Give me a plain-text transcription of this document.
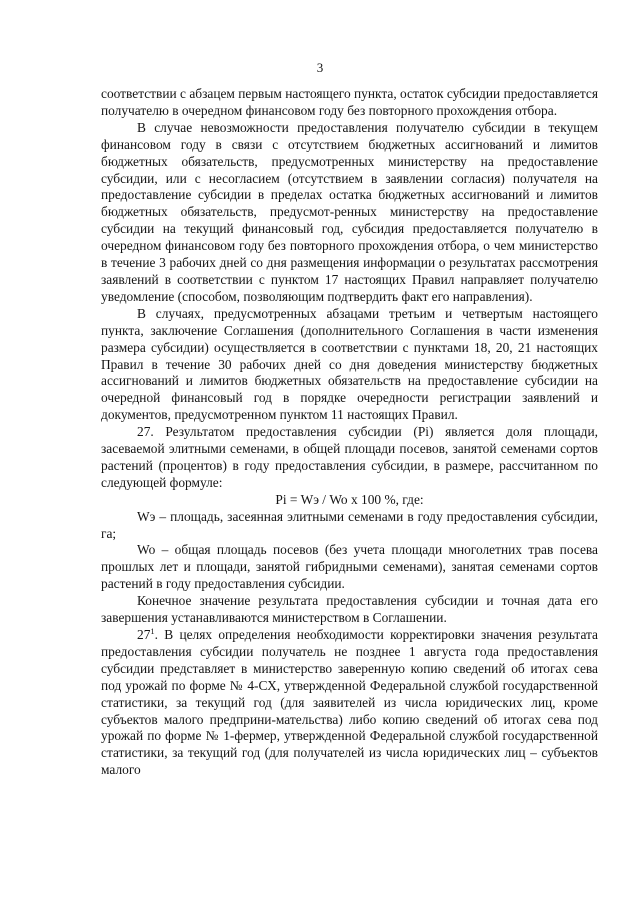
3

соответствии с абзацем первым настоящего пункта, остаток субсидии предоставляется получателю в очередном финансовом году без повторного прохождения отбора.

В случае невозможности предоставления получателю субсидии в текущем финансовом году в связи с отсутствием бюджетных ассигнований и лимитов бюджетных обязательств, предусмотренных министерству на предоставление субсидии, или с несогласием (отсутствием в заявлении согласия) получателя на предоставление субсидии в пределах остатка бюджетных ассигнований и лимитов бюджетных обязательств, предусмот-ренных министерству на предоставление субсидии на текущий финансовый год, субсидия предоставляется получателю в очередном финансовом году без повторного прохождения отбора, о чем министерство в течение 3 рабочих дней со дня размещения информации о результатах рассмотрения заявлений в соответствии с пунктом 17 настоящих Правил направляет получателю уведомление (способом, позволяющим подтвердить факт его направления).

В случаях, предусмотренных абзацами третьим и четвертым настоящего пункта, заключение Соглашения (дополнительного Соглашения в части изменения размера субсидии) осуществляется в соответствии с пунктами 18, 20, 21 настоящих Правил в течение 30 рабочих дней со дня доведения министерству бюджетных ассигнований и лимитов бюджетных обязательств на предоставление субсидии на очередной финансовый год в порядке очередности регистрации заявлений и документов, предусмотренном пунктом 11 настоящих Правил.

27. Результатом предоставления субсидии (Pi) является доля площади, засеваемой элитными семенами, в общей площади посевов, занятой семенами сортов растений (процентов) в году предоставления субсидии, в размере, рассчитанном по следующей формуле:

Pi = Wэ / Wo х 100 %, где:

Wэ – площадь, засеянная элитными семенами в году предоставления субсидии, га;

Wo – общая площадь посевов (без учета площади многолетних трав посева прошлых лет и площади, занятой гибридными семенами), занятая семенами сортов растений в году предоставления субсидии.

Конечное значение результата предоставления субсидии и точная дата его завершения устанавливаются министерством в Соглашении.

$27^1$. В целях определения необходимости корректировки значения результата предоставления субсидии получатель не позднее 1 августа года предоставления субсидии представляет в министерство заверенную копию сведений об итогах сева под урожай по форме № 4-СХ, утвержденной Федеральной службой государственной статистики, за текущий год (для заявителей из числа юридических лиц, кроме субъектов малого предприни-мательства) либо копию сведений об итогах сева под урожай по форме № 1-фермер, утвержденной Федеральной службой государственной статистики, за текущий год (для получателей из числа юридических лиц – субъектов малого
